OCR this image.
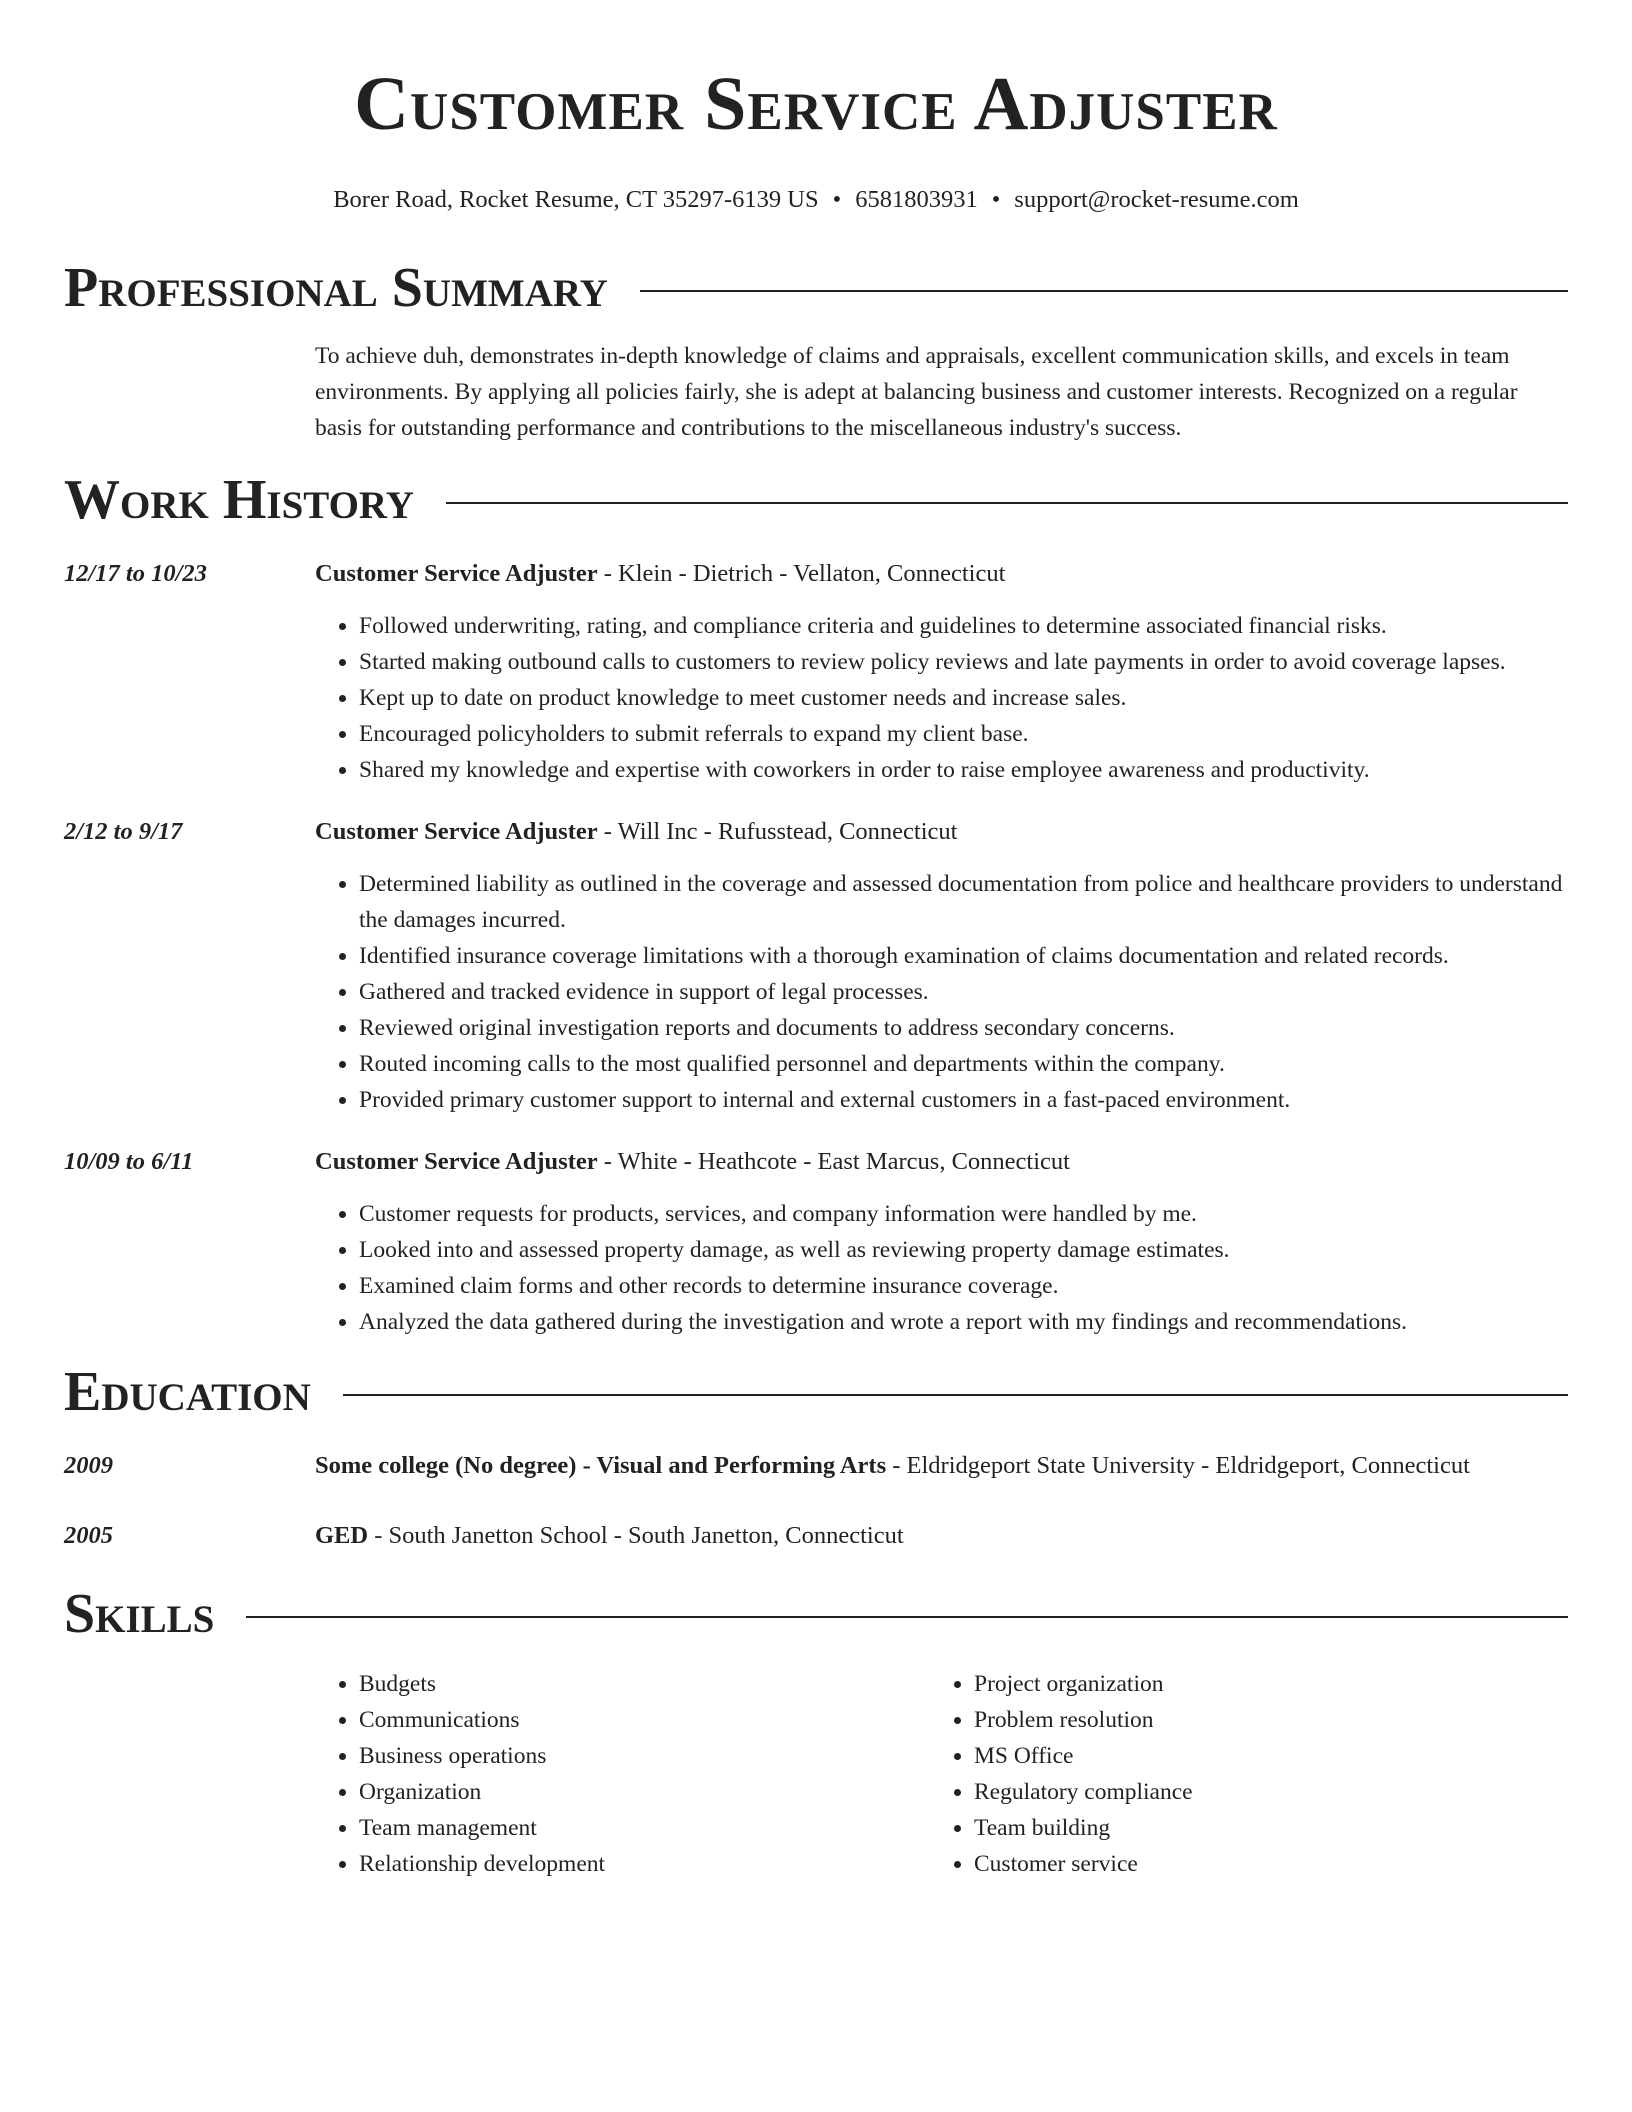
Customer Service Adjuster
Borer Road, Rocket Resume, CT 35297-6139 US • 6581803931 • support@rocket-resume.com
Professional Summary

To achieve duh, demonstrates in-depth knowledge of claims and appraisals, excellent communication skills, and excels in team environments. By applying all policies fairly, she is adept at balancing business and customer interests. Recognized on a regular basis for outstanding performance and contributions to the miscellaneous industry's success.

Work History
12/17 to 10/23	Customer Service Adjuster - Klein - Dietrich - Vellaton, Connecticut
• Followed underwriting, rating, and compliance criteria and guidelines to determine associated financial risks.
• Started making outbound calls to customers to review policy reviews and late payments in order to avoid coverage lapses.
• Kept up to date on product knowledge to meet customer needs and increase sales.
• Encouraged policyholders to submit referrals to expand my client base.
• Shared my knowledge and expertise with coworkers in order to raise employee awareness and productivity.
2/12 to 9/17	Customer Service Adjuster - Will Inc - Rufusstead, Connecticut
• Determined liability as outlined in the coverage and assessed documentation from police and healthcare providers to understand the damages incurred.
• Identified insurance coverage limitations with a thorough examination of claims documentation and related records.
• Gathered and tracked evidence in support of legal processes.
• Reviewed original investigation reports and documents to address secondary concerns.
• Routed incoming calls to the most qualified personnel and departments within the company.
• Provided primary customer support to internal and external customers in a fast-paced environment.
10/09 to 6/11	Customer Service Adjuster - White - Heathcote - East Marcus, Connecticut
• Customer requests for products, services, and company information were handled by me.
• Looked into and assessed property damage, as well as reviewing property damage estimates.
• Examined claim forms and other records to determine insurance coverage.
• Analyzed the data gathered during the investigation and wrote a report with my findings and recommendations.
Education
2009	Some college (No degree) - Visual and Performing Arts - Eldridgeport State University - Eldridgeport, Connecticut
2005	GED - South Janetton School - South Janetton, Connecticut
Skills
• Budgets
• Communications
• Business operations
• Organization
• Team management
• Relationship development
• Project organization
• Problem resolution
• MS Office
• Regulatory compliance
• Team building
• Customer service
